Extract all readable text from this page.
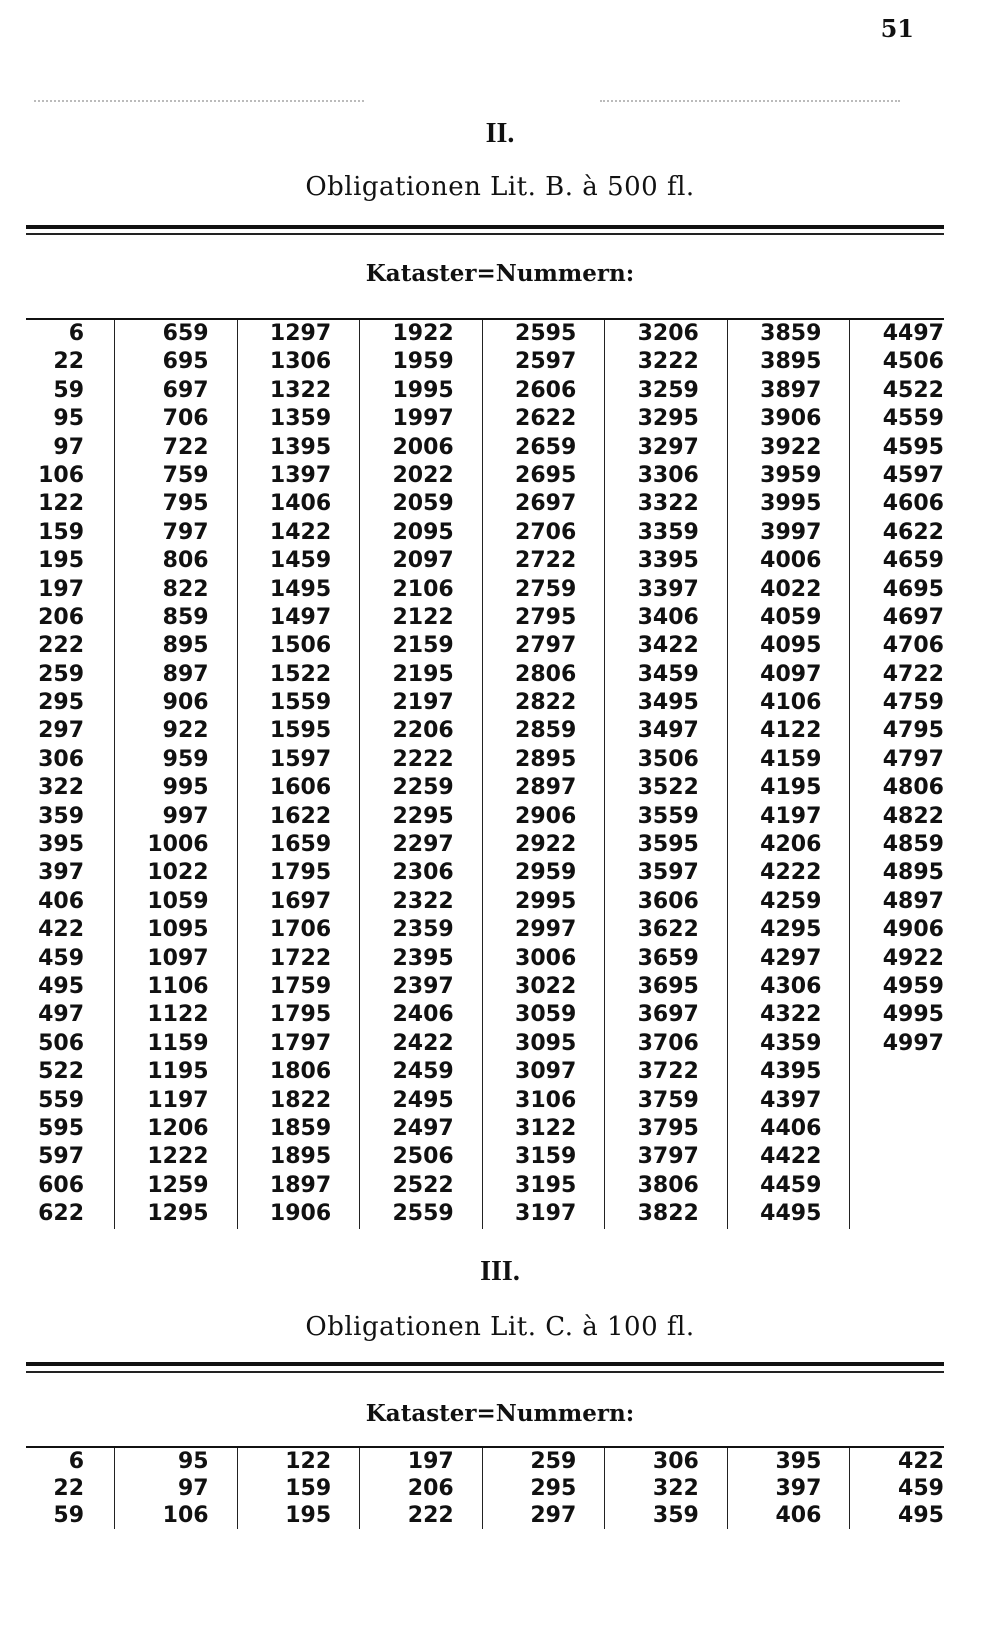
51
II.
Obligationen Lit. B. à 500 fl.
Kataster=Nummern:
6
22
59
95
97
106
122
159
195
197
206
222
259
295
297
306
322
359
395
397
406
422
459
495
497
506
522
559
595
597
606
622
659
695
697
706
722
759
795
797
806
822
859
895
897
906
922
959
995
997
1006
1022
1059
1095
1097
1106
1122
1159
1195
1197
1206
1222
1259
1295
1297
1306
1322
1359
1395
1397
1406
1422
1459
1495
1497
1506
1522
1559
1595
1597
1606
1622
1659
1795
1697
1706
1722
1759
1795
1797
1806
1822
1859
1895
1897
1906
1922
1959
1995
1997
2006
2022
2059
2095
2097
2106
2122
2159
2195
2197
2206
2222
2259
2295
2297
2306
2322
2359
2395
2397
2406
2422
2459
2495
2497
2506
2522
2559
2595
2597
2606
2622
2659
2695
2697
2706
2722
2759
2795
2797
2806
2822
2859
2895
2897
2906
2922
2959
2995
2997
3006
3022
3059
3095
3097
3106
3122
3159
3195
3197
3206
3222
3259
3295
3297
3306
3322
3359
3395
3397
3406
3422
3459
3495
3497
3506
3522
3559
3595
3597
3606
3622
3659
3695
3697
3706
3722
3759
3795
3797
3806
3822
3859
3895
3897
3906
3922
3959
3995
3997
4006
4022
4059
4095
4097
4106
4122
4159
4195
4197
4206
4222
4259
4295
4297
4306
4322
4359
4395
4397
4406
4422
4459
4495
4497
4506
4522
4559
4595
4597
4606
4622
4659
4695
4697
4706
4722
4759
4795
4797
4806
4822
4859
4895
4897
4906
4922
4959
4995
4997
III.
Obligationen Lit. C. à 100 fl.
Kataster=Nummern:
6
22
59
95
97
106
122
159
195
197
206
222
259
295
297
306
322
359
395
397
406
422
459
495
